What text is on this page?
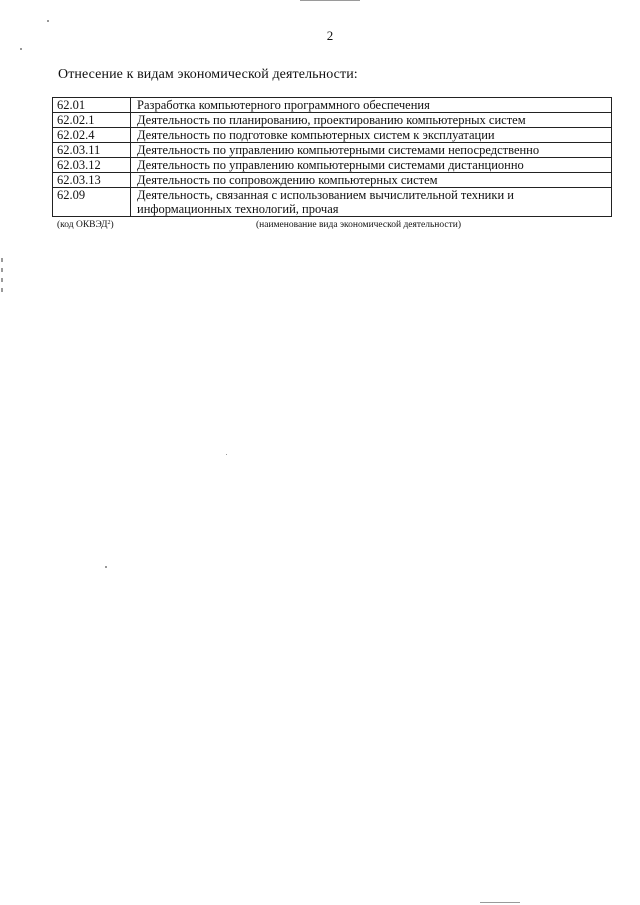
2
Отнесение к видам экономической деятельности:
62.01	Разработка компьютерного программного обеспечения
62.02.1	Деятельность по планированию, проектированию компьютерных систем
62.02.4	Деятельность по подготовке компьютерных систем к эксплуатации
62.03.11	Деятельность по управлению компьютерными системами непосредственно
62.03.12	Деятельность по управлению компьютерными системами дистанционно
62.03.13	Деятельность по сопровождению компьютерных систем
62.09	Деятельность, связанная с использованием вычислительной техники и
информационных технологий, прочая
(код ОКВЭД$^2$)	(наименование вида экономической деятельности)
